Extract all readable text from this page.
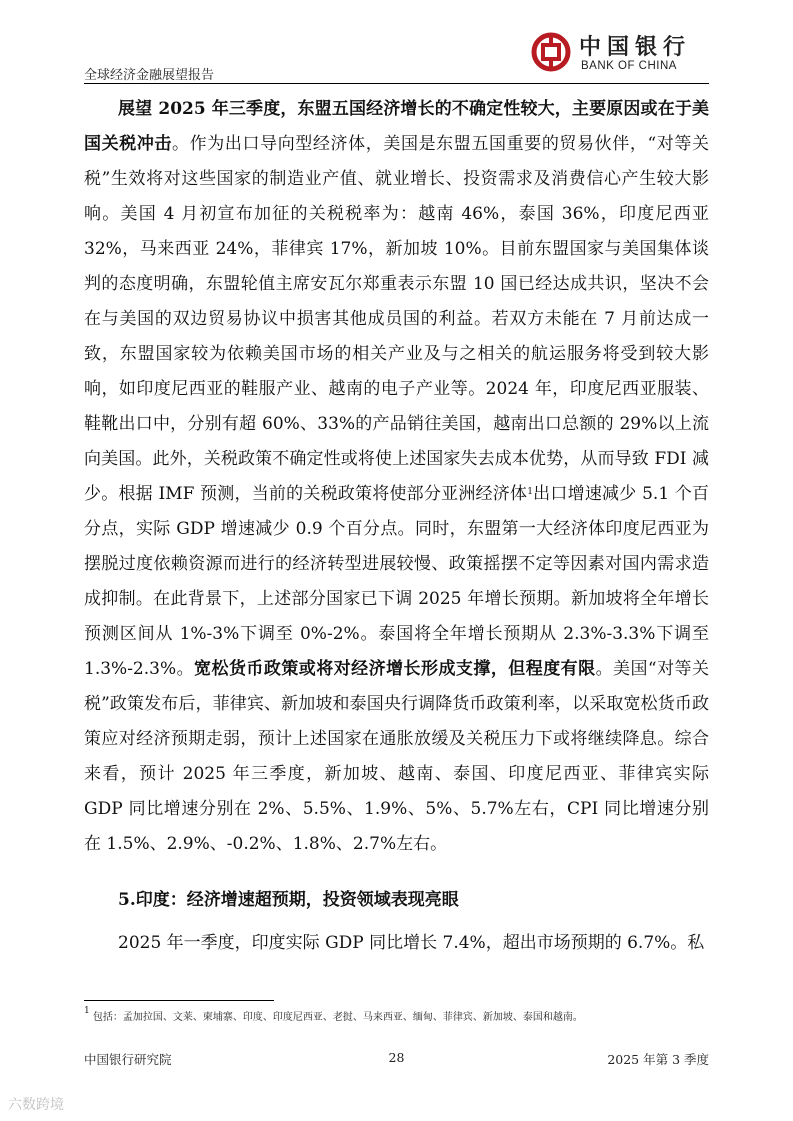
全球经济金融展望报告
中国银行
BANK OF CHINA

展望 2025 年三季度，东盟五国经济增长的不确定性较大，主要原因或在于美国关税冲击。作为出口导向型经济体，美国是东盟五国重要的贸易伙伴，“对等关税”生效将对这些国家的制造业产值、就业增长、投资需求及消费信心产生较大影响。美国 4 月初宣布加征的关税税率为：越南 46%，泰国 36%，印度尼西亚 32%，马来西亚 24%，菲律宾 17%，新加坡 10%。目前东盟国家与美国集体谈判的态度明确，东盟轮值主席安瓦尔郑重表示东盟 10 国已经达成共识，坚决不会在与美国的双边贸易协议中损害其他成员国的利益。若双方未能在 7 月前达成一致，东盟国家较为依赖美国市场的相关产业及与之相关的航运服务将受到较大影响，如印度尼西亚的鞋服产业、越南的电子产业等。2024 年，印度尼西亚服装、鞋靴出口中，分别有超 60%、33%的产品销往美国，越南出口总额的 29%以上流向美国。此外，关税政策不确定性或将使上述国家失去成本优势，从而导致 FDI 减少。根据 IMF 预测，当前的关税政策将使部分亚洲经济体$^1$出口增速减少 5.1 个百分点，实际 GDP 增速减少 0.9 个百分点。同时，东盟第一大经济体印度尼西亚为摆脱过度依赖资源而进行的经济转型进展较慢、政策摇摆不定等因素对国内需求造成抑制。在此背景下，上述部分国家已下调 2025 年增长预期。新加坡将全年增长预测区间从 1%-3%下调至 0%-2%。泰国将全年增长预期从 2.3%-3.3%下调至 1.3%-2.3%。宽松货币政策或将对经济增长形成支撑，但程度有限。美国“对等关税”政策发布后，菲律宾、新加坡和泰国央行调降货币政策利率，以采取宽松货币政策应对经济预期走弱，预计上述国家在通胀放缓及关税压力下或将继续降息。综合来看，预计 2025 年三季度，新加坡、越南、泰国、印度尼西亚、菲律宾实际 GDP 同比增速分别在 2%、5.5%、1.9%、5%、5.7%左右，CPI 同比增速分别在 1.5%、2.9%、-0.2%、1.8%、2.7%左右。

5.印度：经济增速超预期，投资领域表现亮眼

2025 年一季度，印度实际 GDP 同比增长 7.4%，超出市场预期的 6.7%。私

1 包括：孟加拉国、文莱、柬埔寨、印度、印度尼西亚、老挝、马来西亚、缅甸、菲律宾、新加坡、泰国和越南。
中国银行研究院	28	2025 年第 3 季度
六数跨境
